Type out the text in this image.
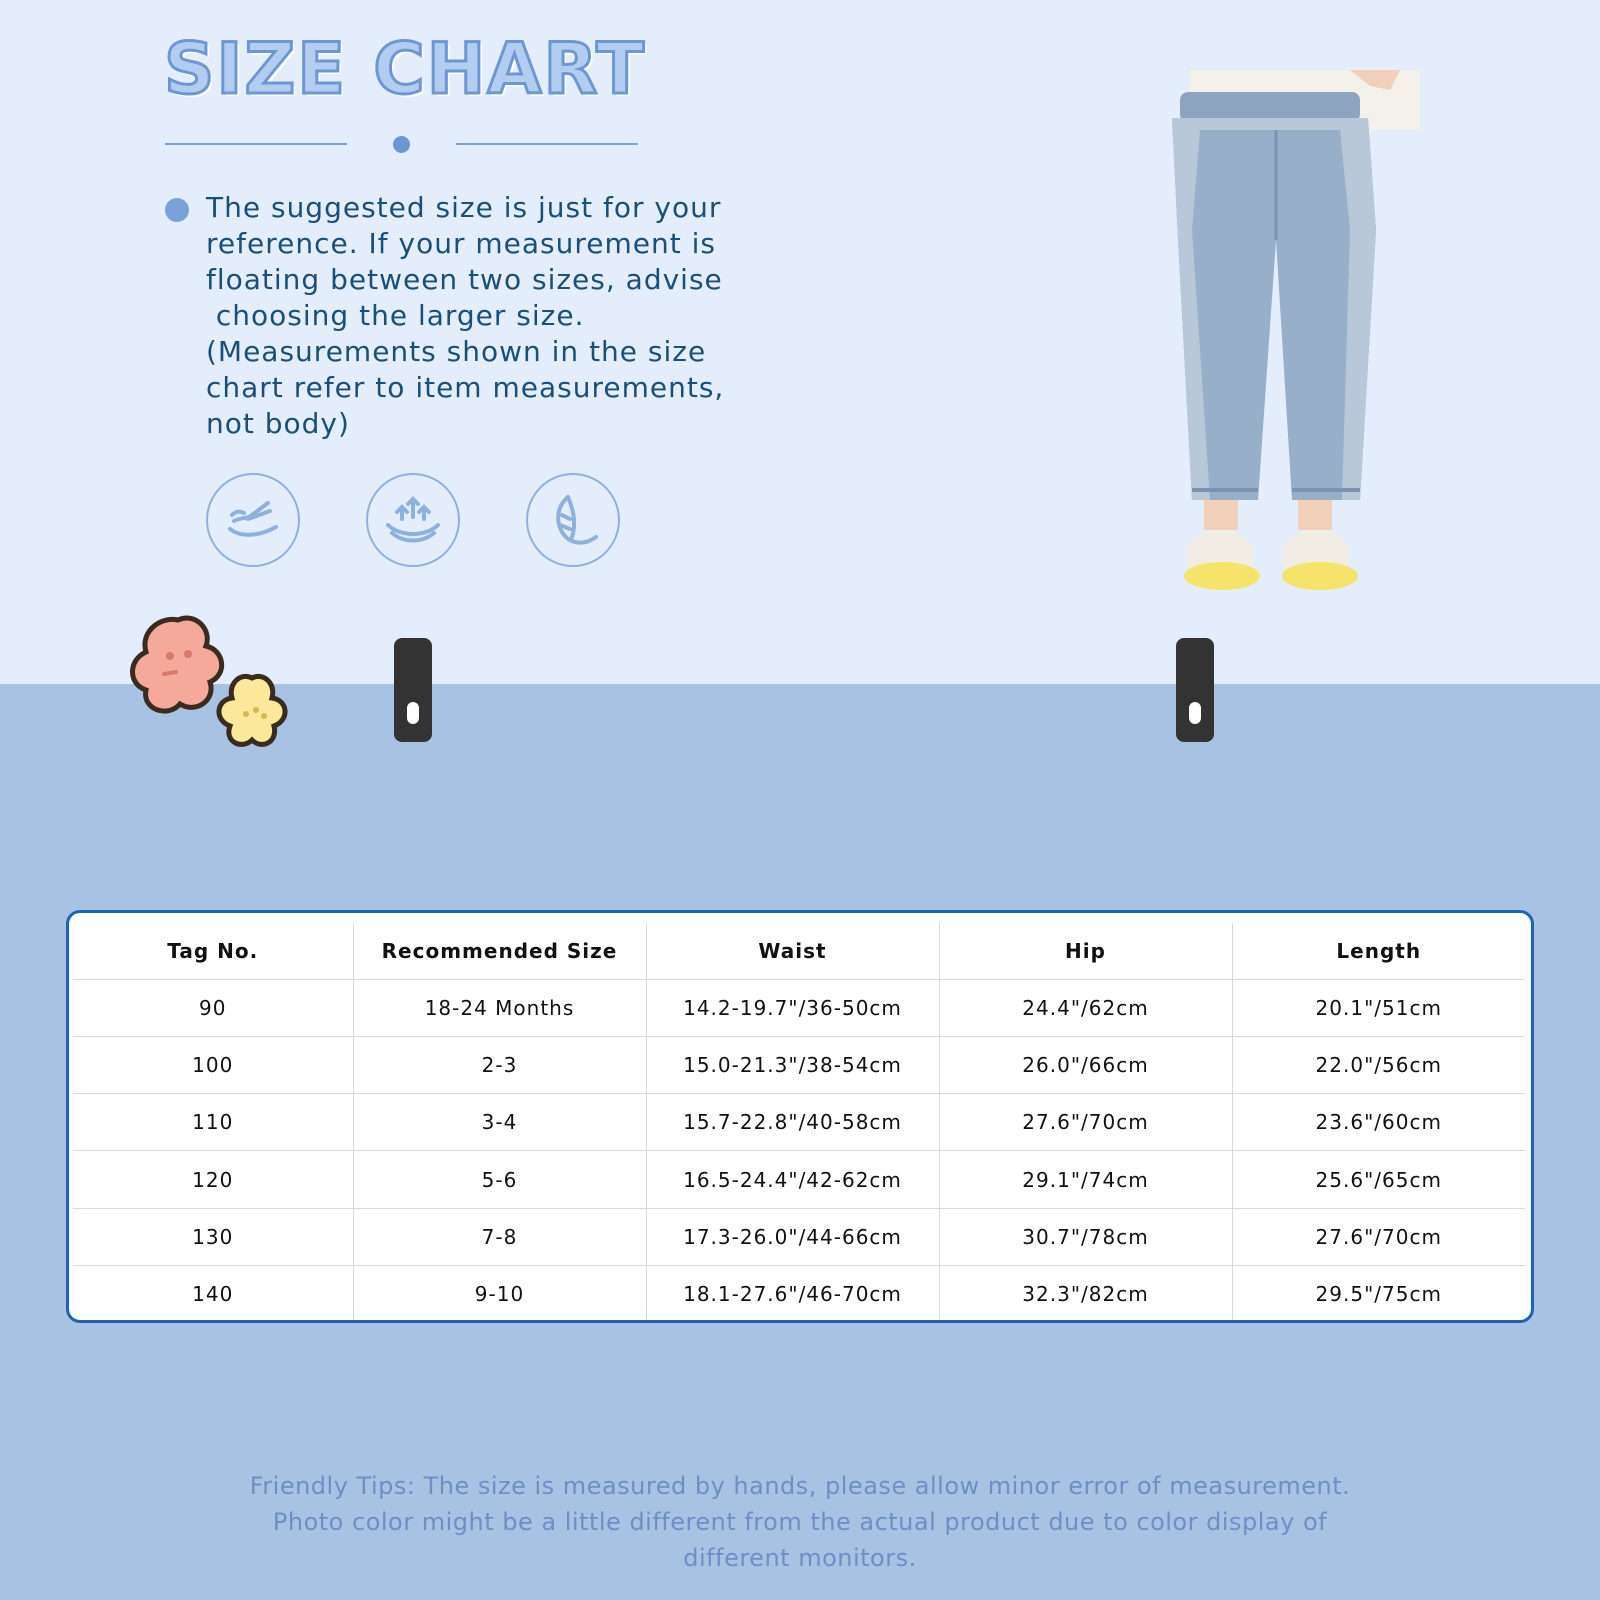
SIZE CHART
The suggested size is just for your
reference. If your measurement is
floating between two sizes, advise
choosing the larger size.
(Measurements shown in the size
chart refer to item measurements,
not body)
Tag No.	Recommended Size	Waist	Hip	Length
90	18-24 Months	14.2-19.7"/36-50cm	24.4"/62cm	20.1"/51cm
100	2-3	15.0-21.3"/38-54cm	26.0"/66cm	22.0"/56cm
110	3-4	15.7-22.8"/40-58cm	27.6"/70cm	23.6"/60cm
120	5-6	16.5-24.4"/42-62cm	29.1"/74cm	25.6"/65cm
130	7-8	17.3-26.0"/44-66cm	30.7"/78cm	27.6"/70cm
140	9-10	18.1-27.6"/46-70cm	32.3"/82cm	29.5"/75cm
Friendly Tips: The size is measured by hands, please allow minor error of measurement.
Photo color might be a little different from the actual product due to color display of
different monitors.
